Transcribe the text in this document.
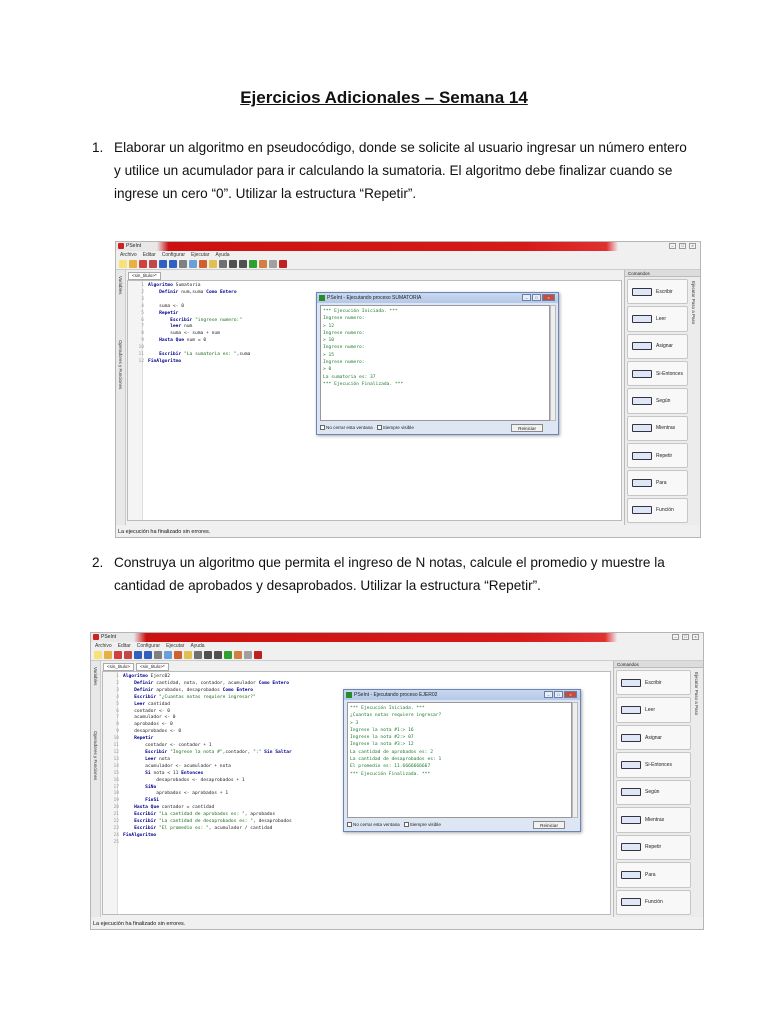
Ejercicios Adicionales – Semana 14
1. Elaborar un algoritmo en pseudocódigo, donde se solicite al usuario ingresar un número entero y utilice un acumulador para ir calculando la sumatoria. El algoritmo debe finalizar cuando se ingrese un cero “0”. Utilizar la estructura “Repetir”.
PSeInt	–	□	×
Archivo Editar Configurar Ejecutar Ayuda
Variables
Operadores y Funciones
<sin_titulo>*
1 Algoritmo Sumatoria
2	Definir num,suma Como Entero
3
4    suma <- 0
5	Repetir
6	Escribir "ingrese numero:"
7	leer num
8        suma <- suma + num
9	Hasta Que num = 0
10
11	Escribir "La sumatoria es: ",suma
12 FinAlgoritmo
PSeInt - Ejecutando proceso SUMATORIA	–	□	×
*** Ejecución Iniciada. ***
Ingrese numero:
> 12
Ingrese numero:
> 10
Ingrese numero:
> 15
Ingrese numero:
> 0
La sumatoria es: 37
*** Ejecución Finalizada. ***
No cerrar esta ventana	Siempre visible	Reiniciar
Comandos
Escribir
Leer
Asignar
Si-Entonces
Según
Mientras
Repetir
Para
Función
Ejecutar Paso a Paso
La ejecución ha finalizado sin errores.
2. Construya un algoritmo que permita el ingreso de N notas, calcule el promedio y muestre la cantidad de aprobados y desaprobados. Utilizar la estructura “Repetir”.
PSeInt	–	□	×
Archivo Editar Configurar Ejecutar Ayuda
Variables
Operadores y Funciones
<sin_titulo>	<sin_titulo>*
1 Algoritmo Ejerc02
2	Definir cantidad, nota, contador, acumulador Como Entero
3	Definir aprobados, desaprobados Como Entero
4	Escribir "¿Cuantas notas requiere ingresar?"
5	Leer cantidad
6    contador <- 0
7    acumulador <- 0
8    aprobados <- 0
9    desaprobados <- 0
10	Repetir
11        contador <- contador + 1
12	Escribir "Ingrese la nota #",contador, ":" Sin Saltar
13	Leer nota
14        acumulador <- acumulador + nota
15	Si nota < 11 Entonces
16            desaprobados <- desaprobados + 1
17	SiNo
18            aprobados <- aprobados + 1
19	FinSi
20	Hasta Que contador = cantidad
21	Escribir "La cantidad de aprobados es: ", aprobados
22	Escribir "La cantidad de desaprobados es: ", desaprobados
23	Escribir "El promedio es: ", acumulador / cantidad
24 FinAlgoritmo
25
PSeInt - Ejecutando proceso EJER02	–	□	×
*** Ejecución Iniciada. ***
¿Cuantas notas requiere ingresar?
> 3
Ingrese la nota #1:> 16
Ingrese la nota #2:> 07
Ingrese la nota #3:> 12
La cantidad de aprobados es: 2
La cantidad de desaprobados es: 1
El promedio es: 11.6666666667
*** Ejecución Finalizada. ***
No cerrar esta ventana	Siempre visible	Reiniciar
Comandos
Escribir
Leer
Asignar
Si-Entonces
Según
Mientras
Repetir
Para
Función
Ejecutar Paso a Paso
La ejecución ha finalizado sin errores.
